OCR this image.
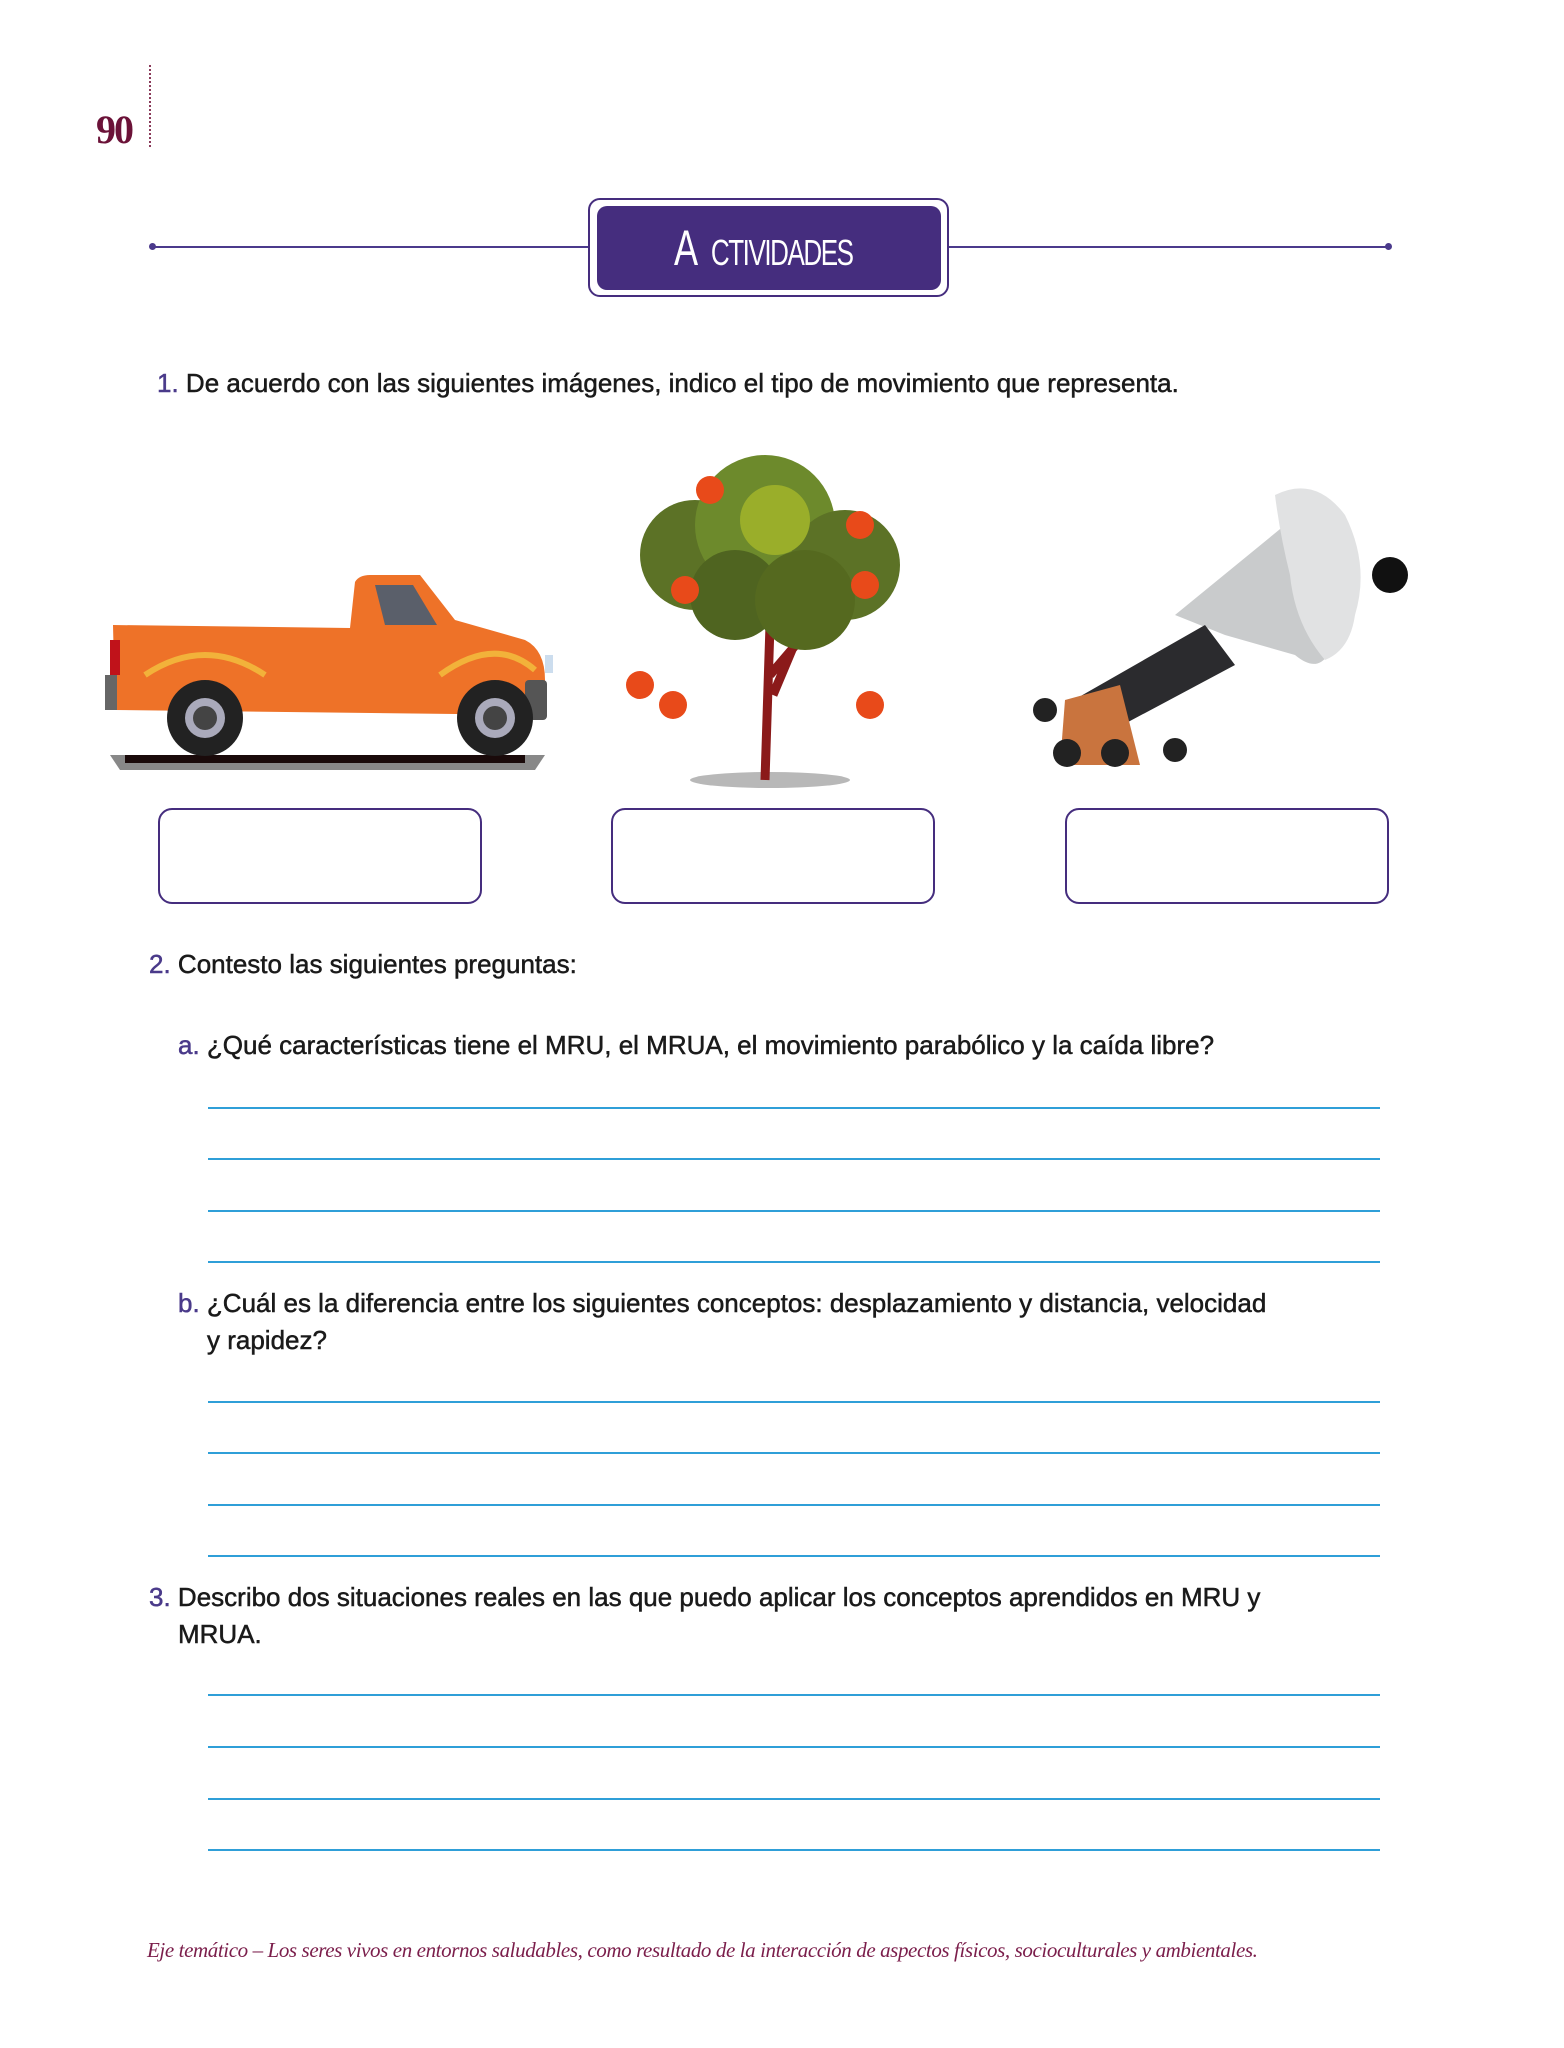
90
A CTIVIDADES
1. De acuerdo con las siguientes imágenes, indico el tipo de movimiento que representa.
2. Contesto las siguientes preguntas:
a. ¿Qué características tiene el MRU, el MRUA, el movimiento parabólico y la caída libre?
b. ¿Cuál es la diferencia entre los siguientes conceptos: desplazamiento y distancia, velocidad
y rapidez?
3. Describo dos situaciones reales en las que puedo aplicar los conceptos aprendidos en MRU y
MRUA.
Eje temático – Los seres vivos en entornos saludables, como resultado de la interacción de aspectos físicos, socioculturales y ambientales.
